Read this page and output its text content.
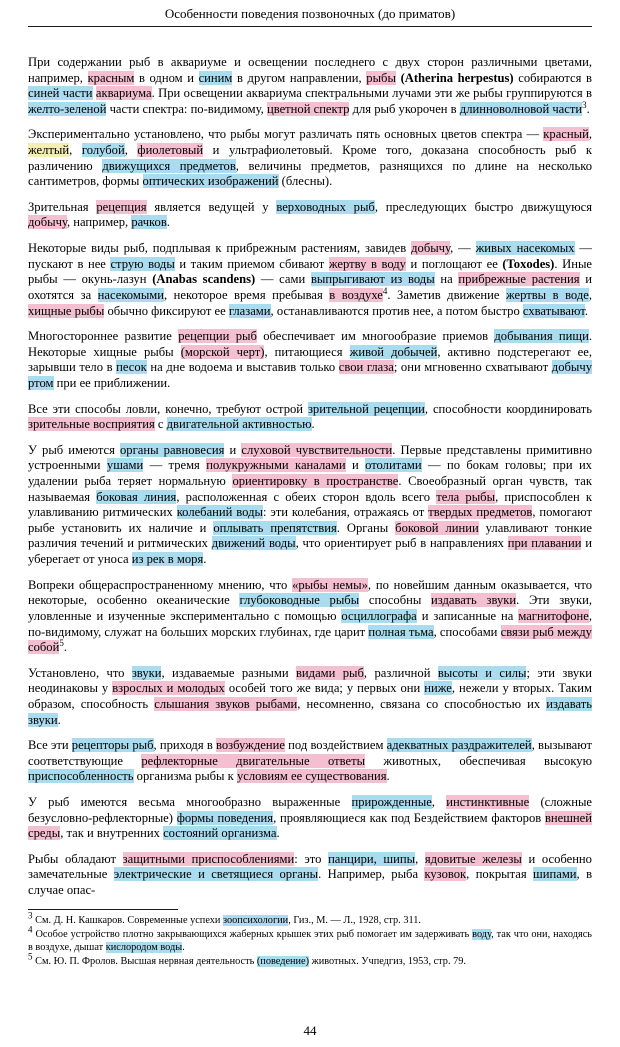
Особенности поведения позвоночных (до приматов)

При содержании рыб в аквариуме и освещении последнего с двух сторон различными цветами, например, красным в одном и синим в другом направлении, рыбы (Atherina herpestus) собираются в синей части аквариума. При освещении аквариума спектральными лучами эти же рыбы группируются в желто-зеленой части спектра: по-видимому, цветной спектр для рыб укорочен в длинноволновой части$^3$.

Экспериментально установлено, что рыбы могут различать пять основных цветов спектра — красный, желтый, голубой, фиолетовый и ультрафиолетовый. Кроме того, доказана способность рыб к различению движущихся предметов, величины предметов, разнящихся по длине на несколько сантиметров, формы оптических изображений (блесны).

Зрительная рецепция является ведущей у верховодных рыб, преследующих быстро движущуюся добычу, например, рачков.

Некоторые виды рыб, подплывая к прибрежным растениям, завидев добычу, — живых насекомых — пускают в нее струю воды и таким приемом сбивают жертву в воду и поглощают ее (Toxodes). Иные рыбы — окунь-лазун (Anabas scandens) — сами выпрыгивают из воды на прибрежные растения и охотятся за насекомыми, некоторое время пребывая в воздухе$^4$. Заметив движение жертвы в воде, хищные рыбы обычно фиксируют ее глазами, останавливаются против нее, а потом быстро схватывают.

Многостороннее развитие рецепции рыб обеспечивает им многообразие приемов добывания пищи. Некоторые хищные рыбы (морской черт), питающиеся живой добычей, активно подстерегают ее, зарывши тело в песок на дне водоема и выставив только свои глаза; они мгновенно схватывают добычу ртом при ее приближении.

Все эти способы ловли, конечно, требуют острой зрительной рецепции, способности координировать зрительные восприятия с двигательной активностью.

У рыб имеются органы равновесия и слуховой чувствительности. Первые представлены примитивно устроенными ушами — тремя полукружными каналами и отолитами — по бокам головы; при их удалении рыба теряет нормальную ориентировку в пространстве. Своеобразный орган чувств, так называемая боковая линия, расположенная с обеих сторон вдоль всего тела рыбы, приспособлен к улавливанию ритмических колебаний воды: эти колебания, отражаясь от твердых предметов, помогают рыбе установить их наличие и оплывать препятствия. Органы боковой линии улавливают тонкие различия течений и ритмических движений воды, что ориентирует рыб в направлениях при плавании и уберегает от уноса из рек в моря.

Вопреки общераспространенному мнению, что «рыбы немы», по новейшим данным оказывается, что некоторые, особенно океанические глубоководные рыбы способны издавать звуки. Эти звуки, уловленные и изученные экспериментально с помощью осциллографа и записанные на магнитофоне, по-видимому, служат на больших морских глубинах, где царит полная тьма, способами связи рыб между собой$^5$.

Установлено, что звуки, издаваемые разными видами рыб, различной высоты и силы; эти звуки неодинаковы у взрослых и молодых особей того же вида; у первых они ниже, нежели у вторых. Таким образом, способность слышания звуков рыбами, несомненно, связана со способностью их издавать звуки.

Все эти рецепторы рыб, приходя в возбуждение под воздействием адекватных раздражителей, вызывают соответствующие рефлекторные двигательные ответы животных, обеспечивая высокую приспособленность организма рыбы к условиям ее существования.

У рыб имеются весьма многообразно выраженные прирожденные, инстинктивные (сложные безусловно-рефлекторные) формы поведения, проявляющиеся как под Бездействием факторов внешней среды, так и внутренних состояний организма.

Рыбы обладают защитными приспособлениями: это панцири, шипы, ядовитые железы и особенно замечательные электрические и светящиеся органы. Например, рыба кузовок, покрытая шипами, в случае опас-

$^3$ См. Д. Н. Кашкаров. Современные успехи зоопсихологии, Гиз., М. — Л., 1928, стр. 311.

$^4$ Особое устройство плотно закрывающихся жаберных крышек этих рыб помогает им задерживать воду, так что они, находясь в воздухе, дышат кислородом воды.

$^5$ См. Ю. П. Фролов. Высшая нервная деятельность (поведение) животных. Учпедгиз, 1953, стр. 79.

44
